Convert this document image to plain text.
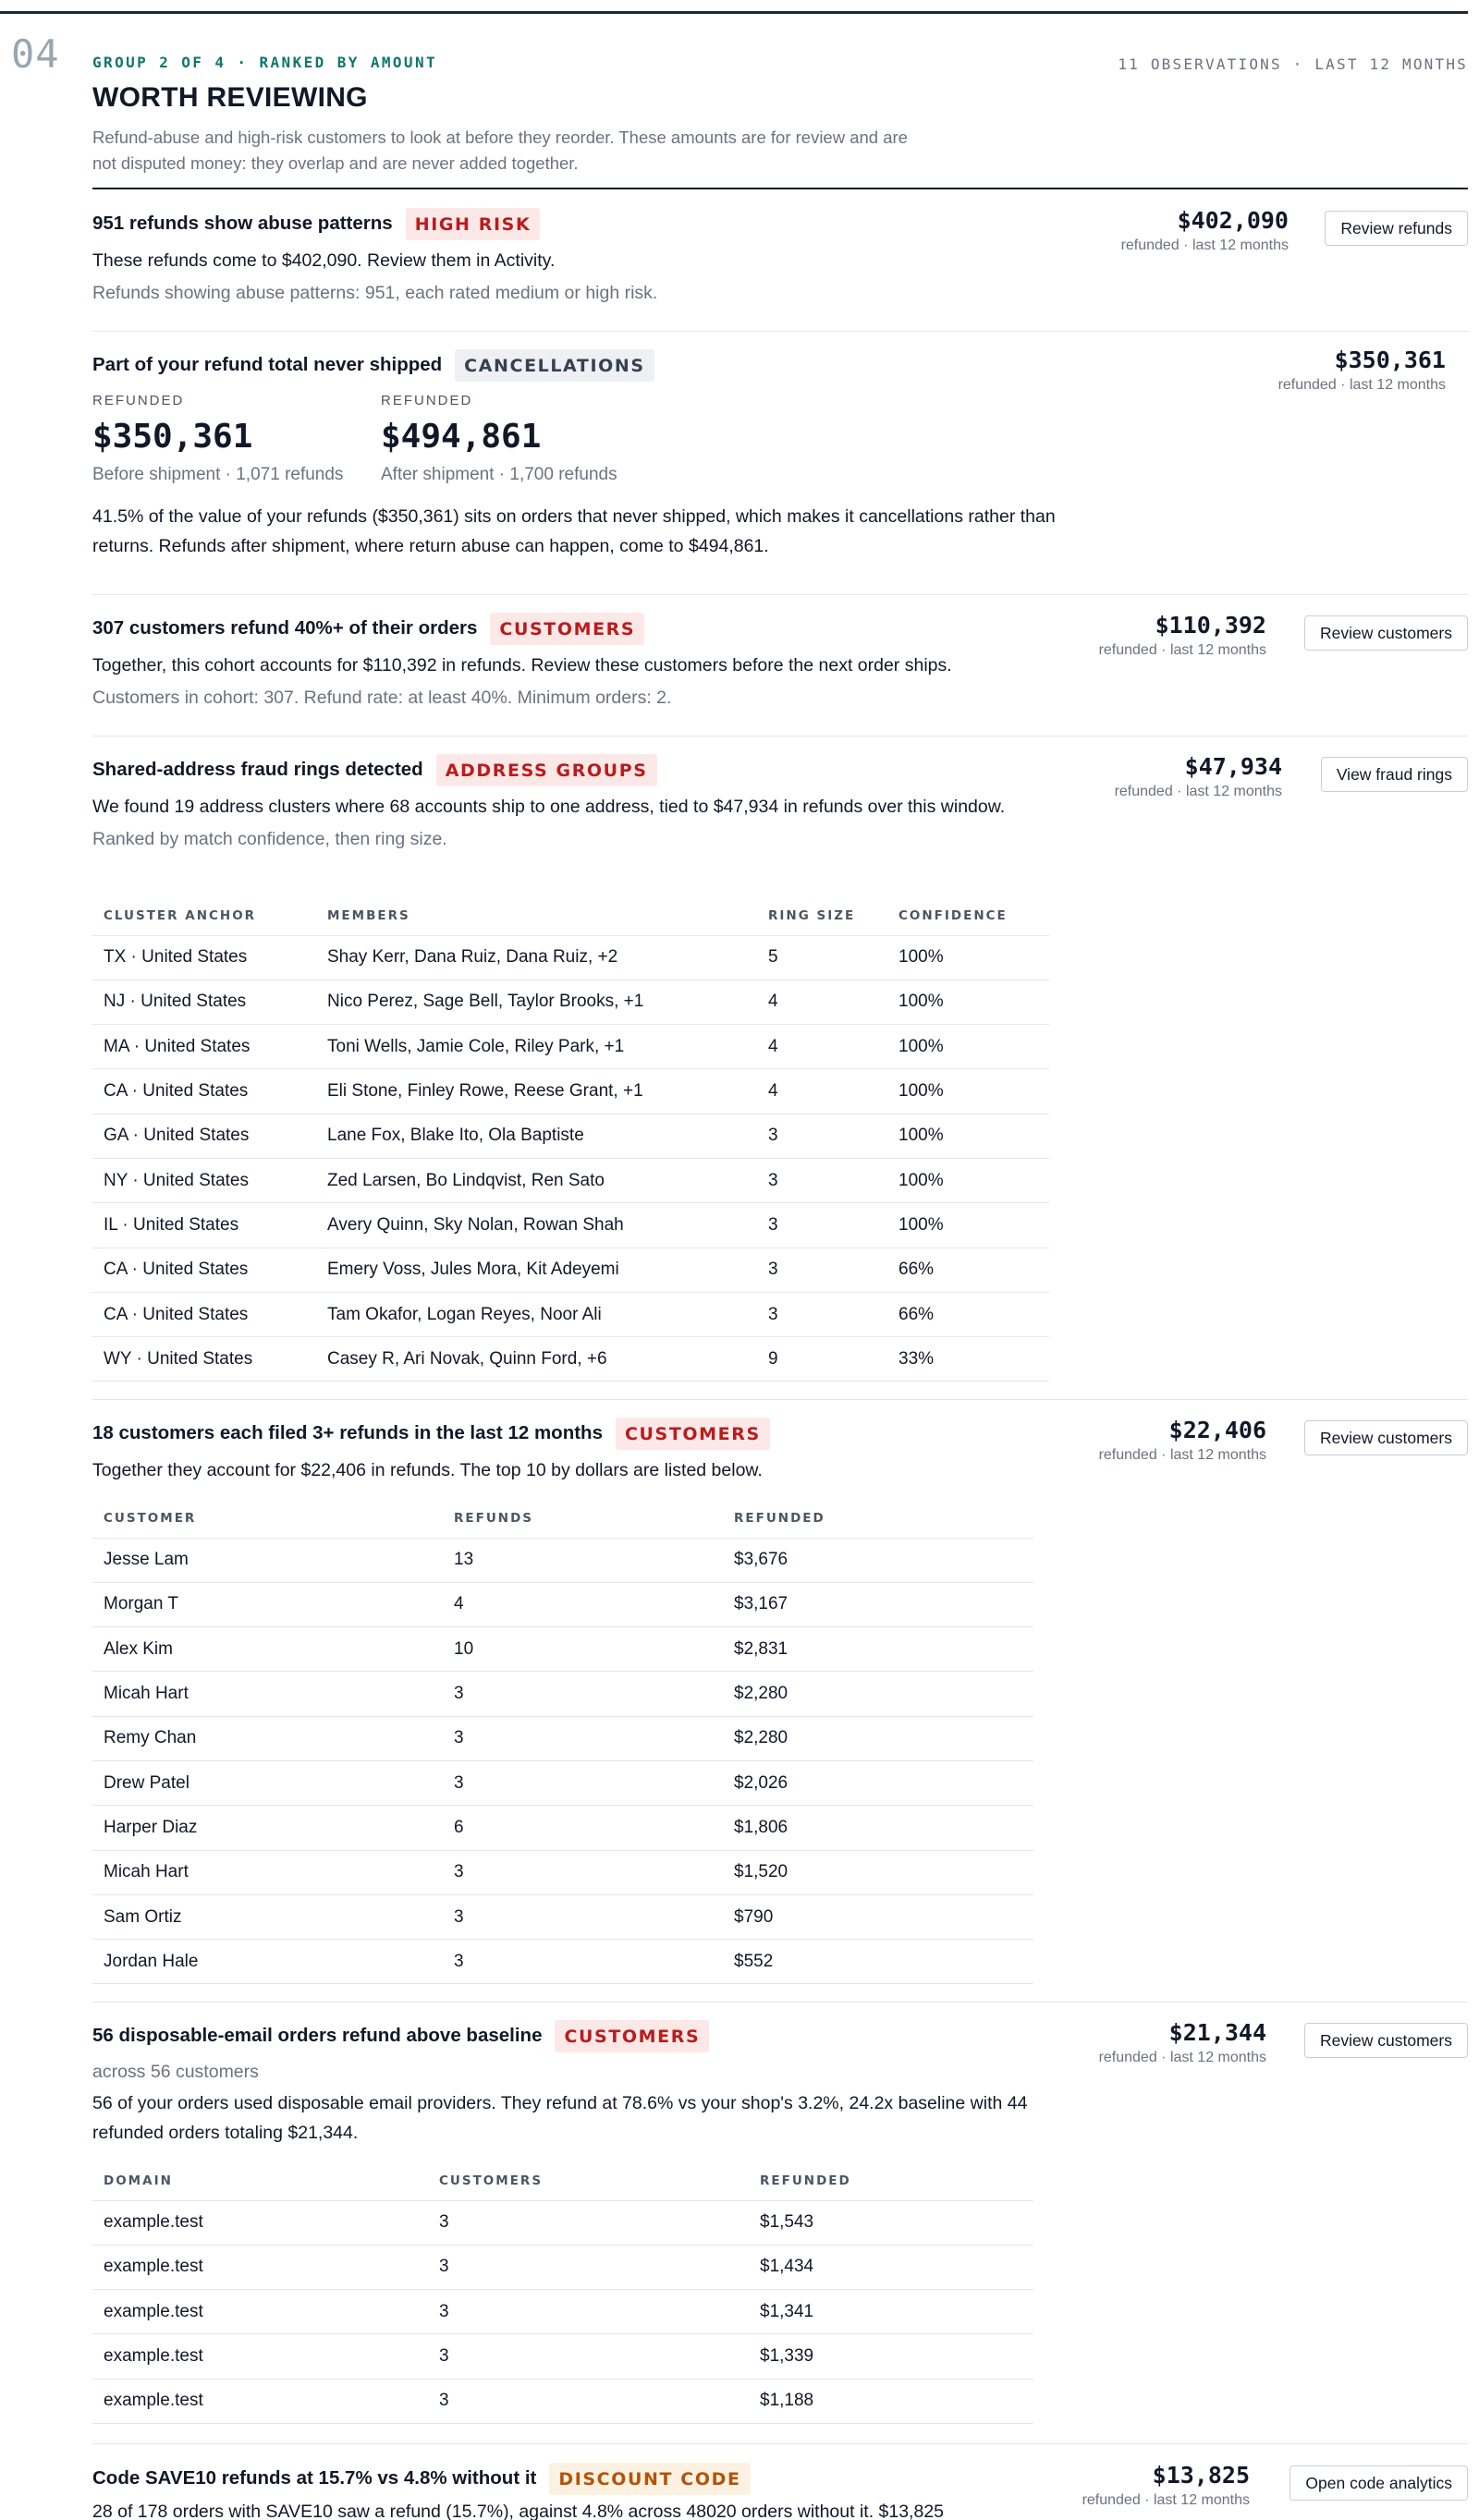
04 GROUP 2 OF 4 · RANKED BY AMOUNT	11 OBSERVATIONS · LAST 12 MONTHS
WORTH REVIEWING
Refund-abuse and high-risk customers to look at before they reorder. These amounts are for review and are not disputed money: they overlap and are never added together.
951 refunds show abuse patterns	HIGH RISK
These refunds come to $402,090. Review them in Activity.
Refunds showing abuse patterns: 951, each rated medium or high risk.
$402,090
refunded · last 12 months
Review refunds
Part of your refund total never shipped	CANCELLATIONS
REFUNDED
$350,361
Before shipment · 1,071 refunds
REFUNDED
$494,861
After shipment · 1,700 refunds
41.5% of the value of your refunds ($350,361) sits on orders that never shipped, which makes it cancellations rather than returns. Refunds after shipment, where return abuse can happen, come to $494,861.
$350,361
refunded · last 12 months
307 customers refund 40%+ of their orders	CUSTOMERS
Together, this cohort accounts for $110,392 in refunds. Review these customers before the next order ships.
Customers in cohort: 307. Refund rate: at least 40%. Minimum orders: 2.
$110,392
refunded · last 12 months
Review customers
Shared-address fraud rings detected	ADDRESS GROUPS
We found 19 address clusters where 68 accounts ship to one address, tied to $47,934 in refunds over this window.
Ranked by match confidence, then ring size.
$47,934
refunded · last 12 months
View fraud rings
CLUSTER ANCHOR	MEMBERS	RING SIZE	CONFIDENCE
TX · United States	Shay Kerr, Dana Ruiz, Dana Ruiz, +2	5	100%
NJ · United States	Nico Perez, Sage Bell, Taylor Brooks, +1	4	100%
MA · United States	Toni Wells, Jamie Cole, Riley Park, +1	4	100%
CA · United States	Eli Stone, Finley Rowe, Reese Grant, +1	4	100%
GA · United States	Lane Fox, Blake Ito, Ola Baptiste	3	100%
NY · United States	Zed Larsen, Bo Lindqvist, Ren Sato	3	100%
IL · United States	Avery Quinn, Sky Nolan, Rowan Shah	3	100%
CA · United States	Emery Voss, Jules Mora, Kit Adeyemi	3	66%
CA · United States	Tam Okafor, Logan Reyes, Noor Ali	3	66%
WY · United States	Casey R, Ari Novak, Quinn Ford, +6	9	33%
18 customers each filed 3+ refunds in the last 12 months	CUSTOMERS
Together they account for $22,406 in refunds. The top 10 by dollars are listed below.
$22,406
refunded · last 12 months
Review customers
CUSTOMER	REFUNDS	REFUNDED
Jesse Lam	13	$3,676
Morgan T	4	$3,167
Alex Kim	10	$2,831
Micah Hart	3	$2,280
Remy Chan	3	$2,280
Drew Patel	3	$2,026
Harper Diaz	6	$1,806
Micah Hart	3	$1,520
Sam Ortiz	3	$790
Jordan Hale	3	$552
56 disposable-email orders refund above baseline	CUSTOMERS
across 56 customers
56 of your orders used disposable email providers. They refund at 78.6% vs your shop's 3.2%, 24.2x baseline with 44 refunded orders totaling $21,344.
$21,344
refunded · last 12 months
Review customers
DOMAIN	CUSTOMERS	REFUNDED
example.test	3	$1,543
example.test	3	$1,434
example.test	3	$1,341
example.test	3	$1,339
example.test	3	$1,188
Code SAVE10 refunds at 15.7% vs 4.8% without it	DISCOUNT CODE
28 of 178 orders with SAVE10 saw a refund (15.7%), against 4.8% across 48020 orders without it. $13,825
$13,825
refunded · last 12 months
Open code analytics
